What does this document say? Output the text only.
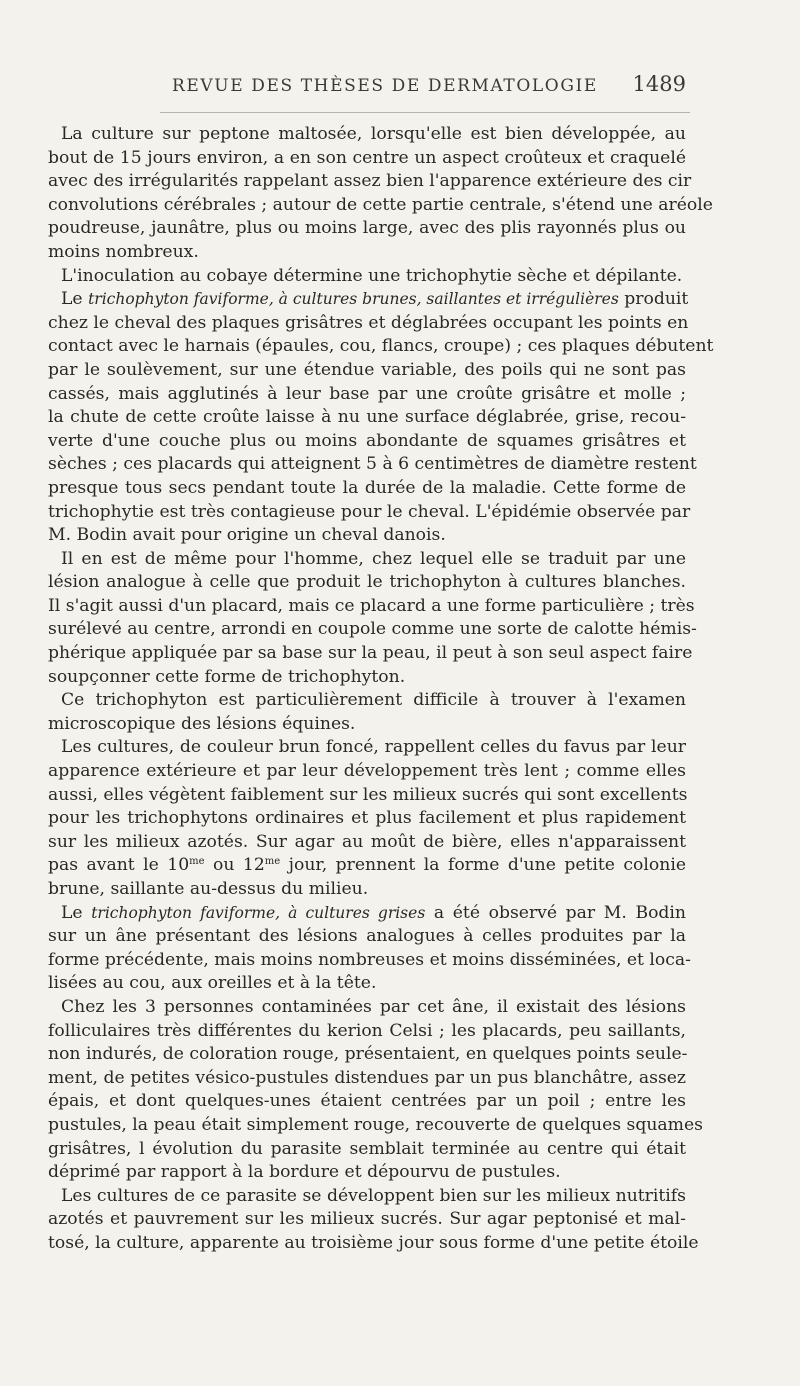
REVUE DES THÈSES DE DERMATOLOGIE 1489
La culture sur peptone maltosée, lorsqu'elle est bien développée, au
bout de 15 jours environ, a en son centre un aspect croûteux et craquelé
avec des irrégularités rappelant assez bien l'apparence extérieure des cir
convolutions cérébrales ; autour de cette partie centrale, s'étend une aréole
poudreuse, jaunâtre, plus ou moins large, avec des plis rayonnés plus ou
moins nombreux.
L'inoculation au cobaye détermine une trichophytie sèche et dépilante.
Le trichophyton faviforme, à cultures brunes, saillantes et irrégulières produit
chez le cheval des plaques grisâtres et déglabrées occupant les points en
contact avec le harnais (épaules, cou, flancs, croupe) ; ces plaques débutent
par le soulèvement, sur une étendue variable, des poils qui ne sont pas
cassés, mais agglutinés à leur base par une croûte grisâtre et molle ;
la chute de cette croûte laisse à nu une surface déglabrée, grise, recou-
verte d'une couche plus ou moins abondante de squames grisâtres et
sèches ; ces placards qui atteignent 5 à 6 centimètres de diamètre restent
presque tous secs pendant toute la durée de la maladie. Cette forme de
trichophytie est très contagieuse pour le cheval. L'épidémie observée par
M. Bodin avait pour origine un cheval danois.
Il en est de même pour l'homme, chez lequel elle se traduit par une
lésion analogue à celle que produit le trichophyton à cultures blanches.
Il s'agit aussi d'un placard, mais ce placard a une forme particulière ; très
surélevé au centre, arrondi en coupole comme une sorte de calotte hémis-
phérique appliquée par sa base sur la peau, il peut à son seul aspect faire
soupçonner cette forme de trichophyton.
Ce trichophyton est particulièrement difficile à trouver à l'examen
microscopique des lésions équines.
Les cultures, de couleur brun foncé, rappellent celles du favus par leur
apparence extérieure et par leur développement très lent ; comme elles
aussi, elles végètent faiblement sur les milieux sucrés qui sont excellents
pour les trichophytons ordinaires et plus facilement et plus rapidement
sur les milieux azotés. Sur agar au moût de bière, elles n'apparaissent
pas avant le $10^{me}$ ou $12^{me}$ jour, prennent la forme d'une petite colonie
brune, saillante au-dessus du milieu.
Le trichophyton faviforme, à cultures grises a été observé par M. Bodin
sur un âne présentant des lésions analogues à celles produites par la
forme précédente, mais moins nombreuses et moins disséminées, et loca-
lisées au cou, aux oreilles et à la tête.
Chez les 3 personnes contaminées par cet âne, il existait des lésions
folliculaires très différentes du kerion Celsi ; les placards, peu saillants,
non indurés, de coloration rouge, présentaient, en quelques points seule-
ment, de petites vésico-pustules distendues par un pus blanchâtre, assez
épais, et dont quelques-unes étaient centrées par un poil ; entre les
pustules, la peau était simplement rouge, recouverte de quelques squames
grisâtres, l évolution du parasite semblait terminée au centre qui était
déprimé par rapport à la bordure et dépourvu de pustules.
Les cultures de ce parasite se développent bien sur les milieux nutritifs
azotés et pauvrement sur les milieux sucrés. Sur agar peptonisé et mal-
tosé, la culture, apparente au troisième jour sous forme d'une petite étoile
